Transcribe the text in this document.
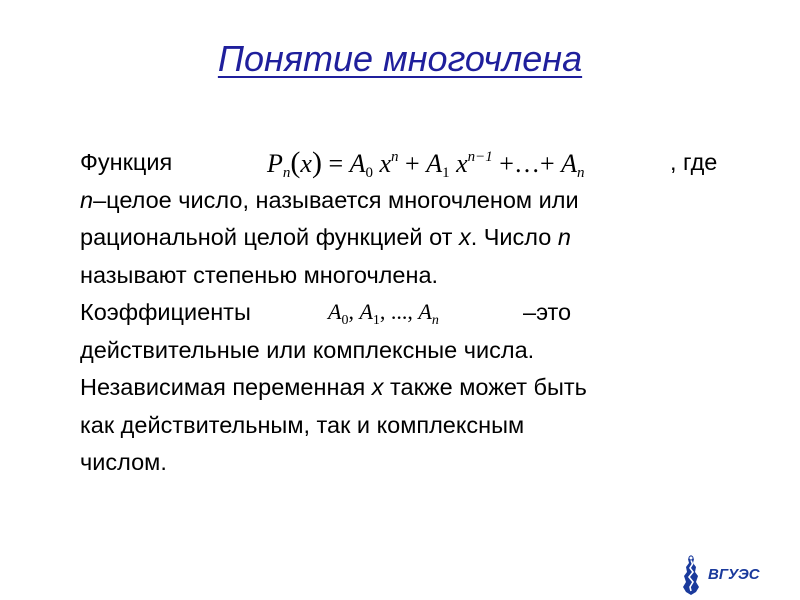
Понятие многочлена
Функция	$P_n(x) = A_0$ $x^n + A_1$ $x^{n-1}$ +…+ $A_n$	, где
n–целое число, называется многочленом или
рациональной целой функцией от x. Число n
называют степенью многочлена.
Коэффициенты	$A_0$, $A_1$, ..., $A_n$	–это
действительные или комплексные числа.
Независимая переменная x также может быть
как действительным, так и комплексным
числом.
ВГУЭС
